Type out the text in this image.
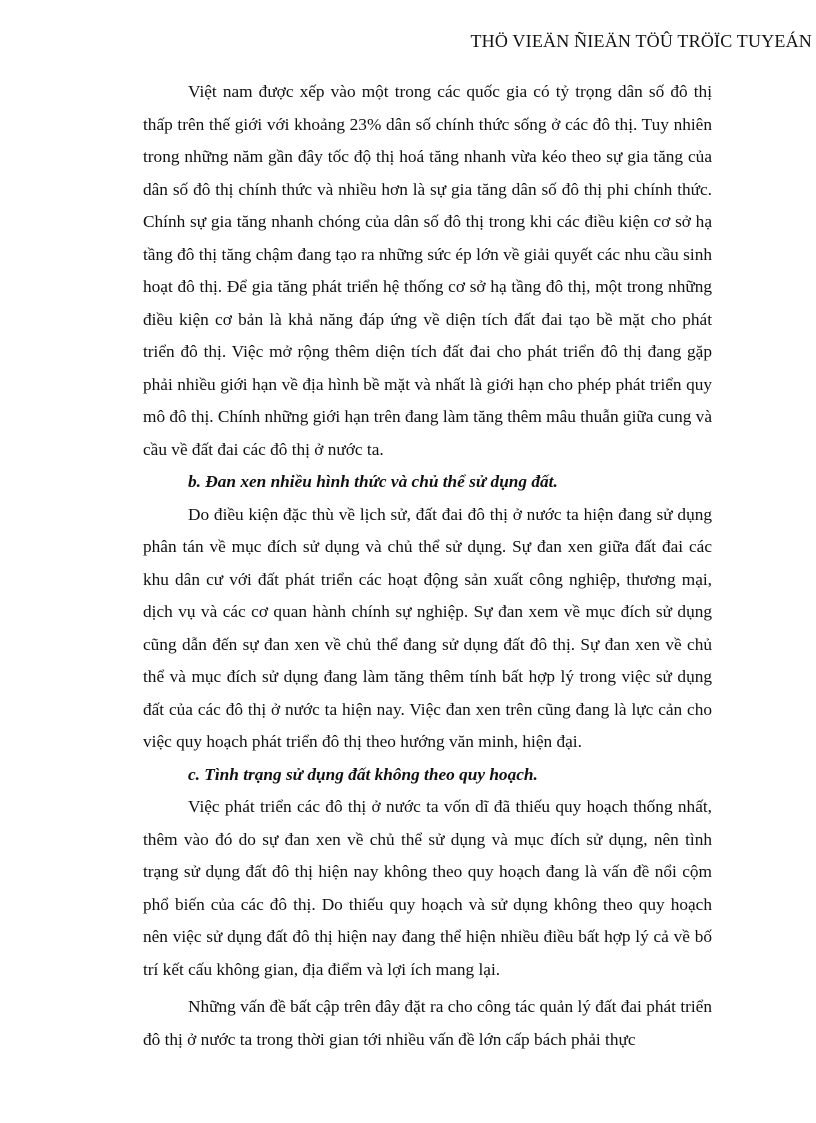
THÖ VIEÄN ÑIEÄN TÖÛ TRÖÏC TUYEÁN

Việt nam được xếp vào một trong các quốc gia có tỷ trọng dân số đô thị thấp trên thế giới với khoảng 23% dân số chính thức sống ở các đô thị. Tuy nhiên trong những năm gần đây tốc độ thị hoá tăng nhanh vừa kéo theo sự gia tăng của dân số đô thị chính thức và nhiều hơn là sự gia tăng dân số đô thị phi chính thức. Chính sự gia tăng nhanh chóng của dân số đô thị trong khi các điều kiện cơ sở hạ tầng đô thị tăng chậm đang tạo ra những sức ép lớn về giải quyết các nhu cầu sinh hoạt đô thị. Để gia tăng phát triển hệ thống cơ sở hạ tầng đô thị, một trong những điều kiện cơ bản là khả năng đáp ứng về diện tích đất đai tạo bề mặt cho phát triển đô thị. Việc mở rộng thêm diện tích đất đai cho phát triển đô thị đang gặp phải nhiều giới hạn về địa hình bề mặt và nhất là giới hạn cho phép phát triển quy mô đô thị. Chính những giới hạn trên đang làm tăng thêm mâu thuẫn giữa cung và cầu về đất đai các đô thị ở nước ta.

b. Đan xen nhiều hình thức và chủ thể sử dụng đất.

Do điều kiện đặc thù về lịch sử, đất đai đô thị ở nước ta hiện đang sử dụng phân tán về mục đích sử dụng và chủ thể sử dụng. Sự đan xen giữa đất đai các khu dân cư với đất phát triển các hoạt động sản xuất công nghiệp, thương mại, dịch vụ và các cơ quan hành chính sự nghiệp. Sự đan xem về mục đích sử dụng cũng dẫn đến sự đan xen về chủ thể đang sử dụng đất đô thị. Sự đan xen về chủ thể và mục đích sử dụng đang làm tăng thêm tính bất hợp lý trong việc sử dụng đất của các đô thị ở nước ta hiện nay. Việc đan xen trên cũng đang là lực cản cho việc quy hoạch phát triển đô thị theo hướng văn minh, hiện đại.

c. Tình trạng sử dụng đất không theo quy hoạch.

Việc phát triển các đô thị ở nước ta vốn dĩ đã thiếu quy hoạch thống nhất, thêm vào đó do sự đan xen về chủ thể sử dụng và mục đích sử dụng, nên tình trạng sử dụng đất đô thị hiện nay không theo quy hoạch đang là vấn đề nổi cộm phổ biến của các đô thị. Do thiếu quy hoạch và sử dụng không theo quy hoạch nên việc sử dụng đất đô thị hiện nay đang thể hiện nhiều điều bất hợp lý cả về bố trí kết cấu không gian, địa điểm và lợi ích mang lại.

Những vấn đề bất cập trên đây đặt ra cho công tác quản lý đất đai phát triển đô thị ở nước ta trong thời gian tới nhiều vấn đề lớn cấp bách phải thực
